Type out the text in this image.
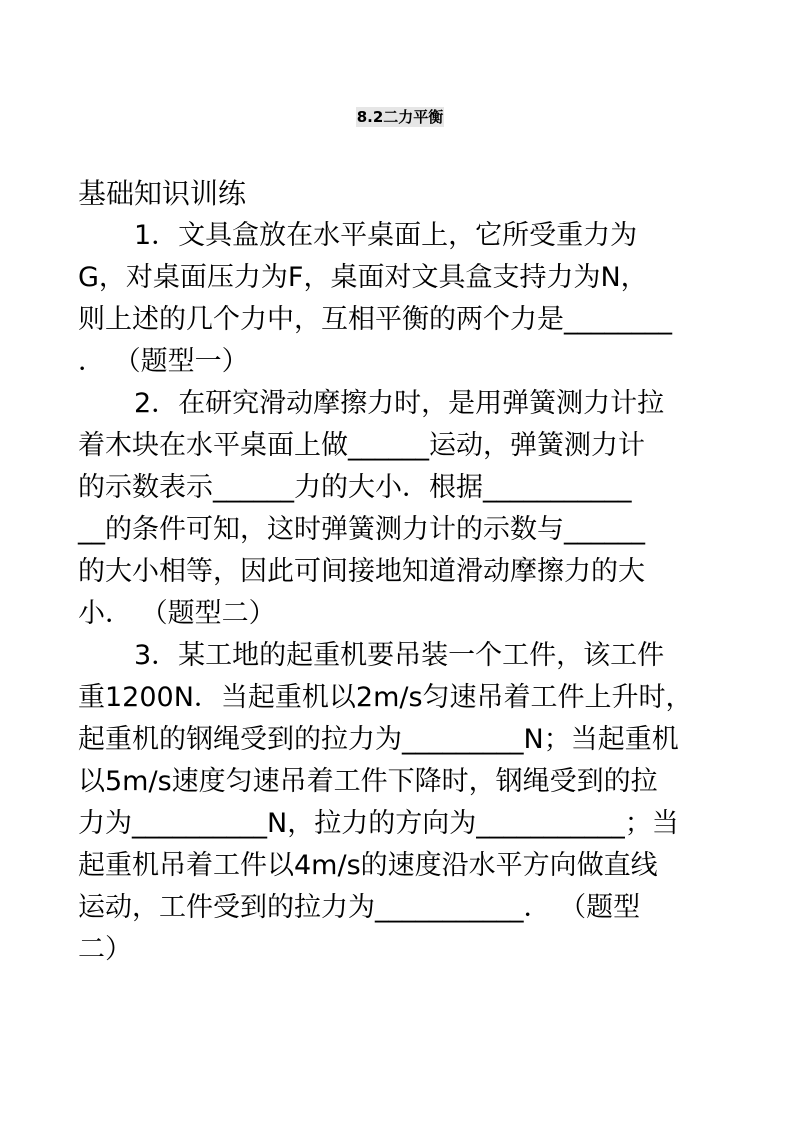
8.2二力平衡
基础知识训练
1．文具盒放在水平桌面上，它所受重力为
G，对桌面压力为F，桌面对文具盒支持力为N，
则上述的几个力中，互相平衡的两个力是________
． （题型一）
2．在研究滑动摩擦力时，是用弹簧测力计拉
着木块在水平桌面上做______运动，弹簧测力计
的示数表示______力的大小．根据___________
__的条件可知，这时弹簧测力计的示数与______
的大小相等，因此可间接地知道滑动摩擦力的大
小． （题型二）
3．某工地的起重机要吊装一个工件，该工件
重1200N．当起重机以2m/s匀速吊着工件上升时，
起重机的钢绳受到的拉力为_________N；当起重机
以5m/s速度匀速吊着工件下降时，钢绳受到的拉
力为__________N，拉力的方向为___________；当
起重机吊着工件以4m/s的速度沿水平方向做直线
运动，工件受到的拉力为___________． （题型
二）
